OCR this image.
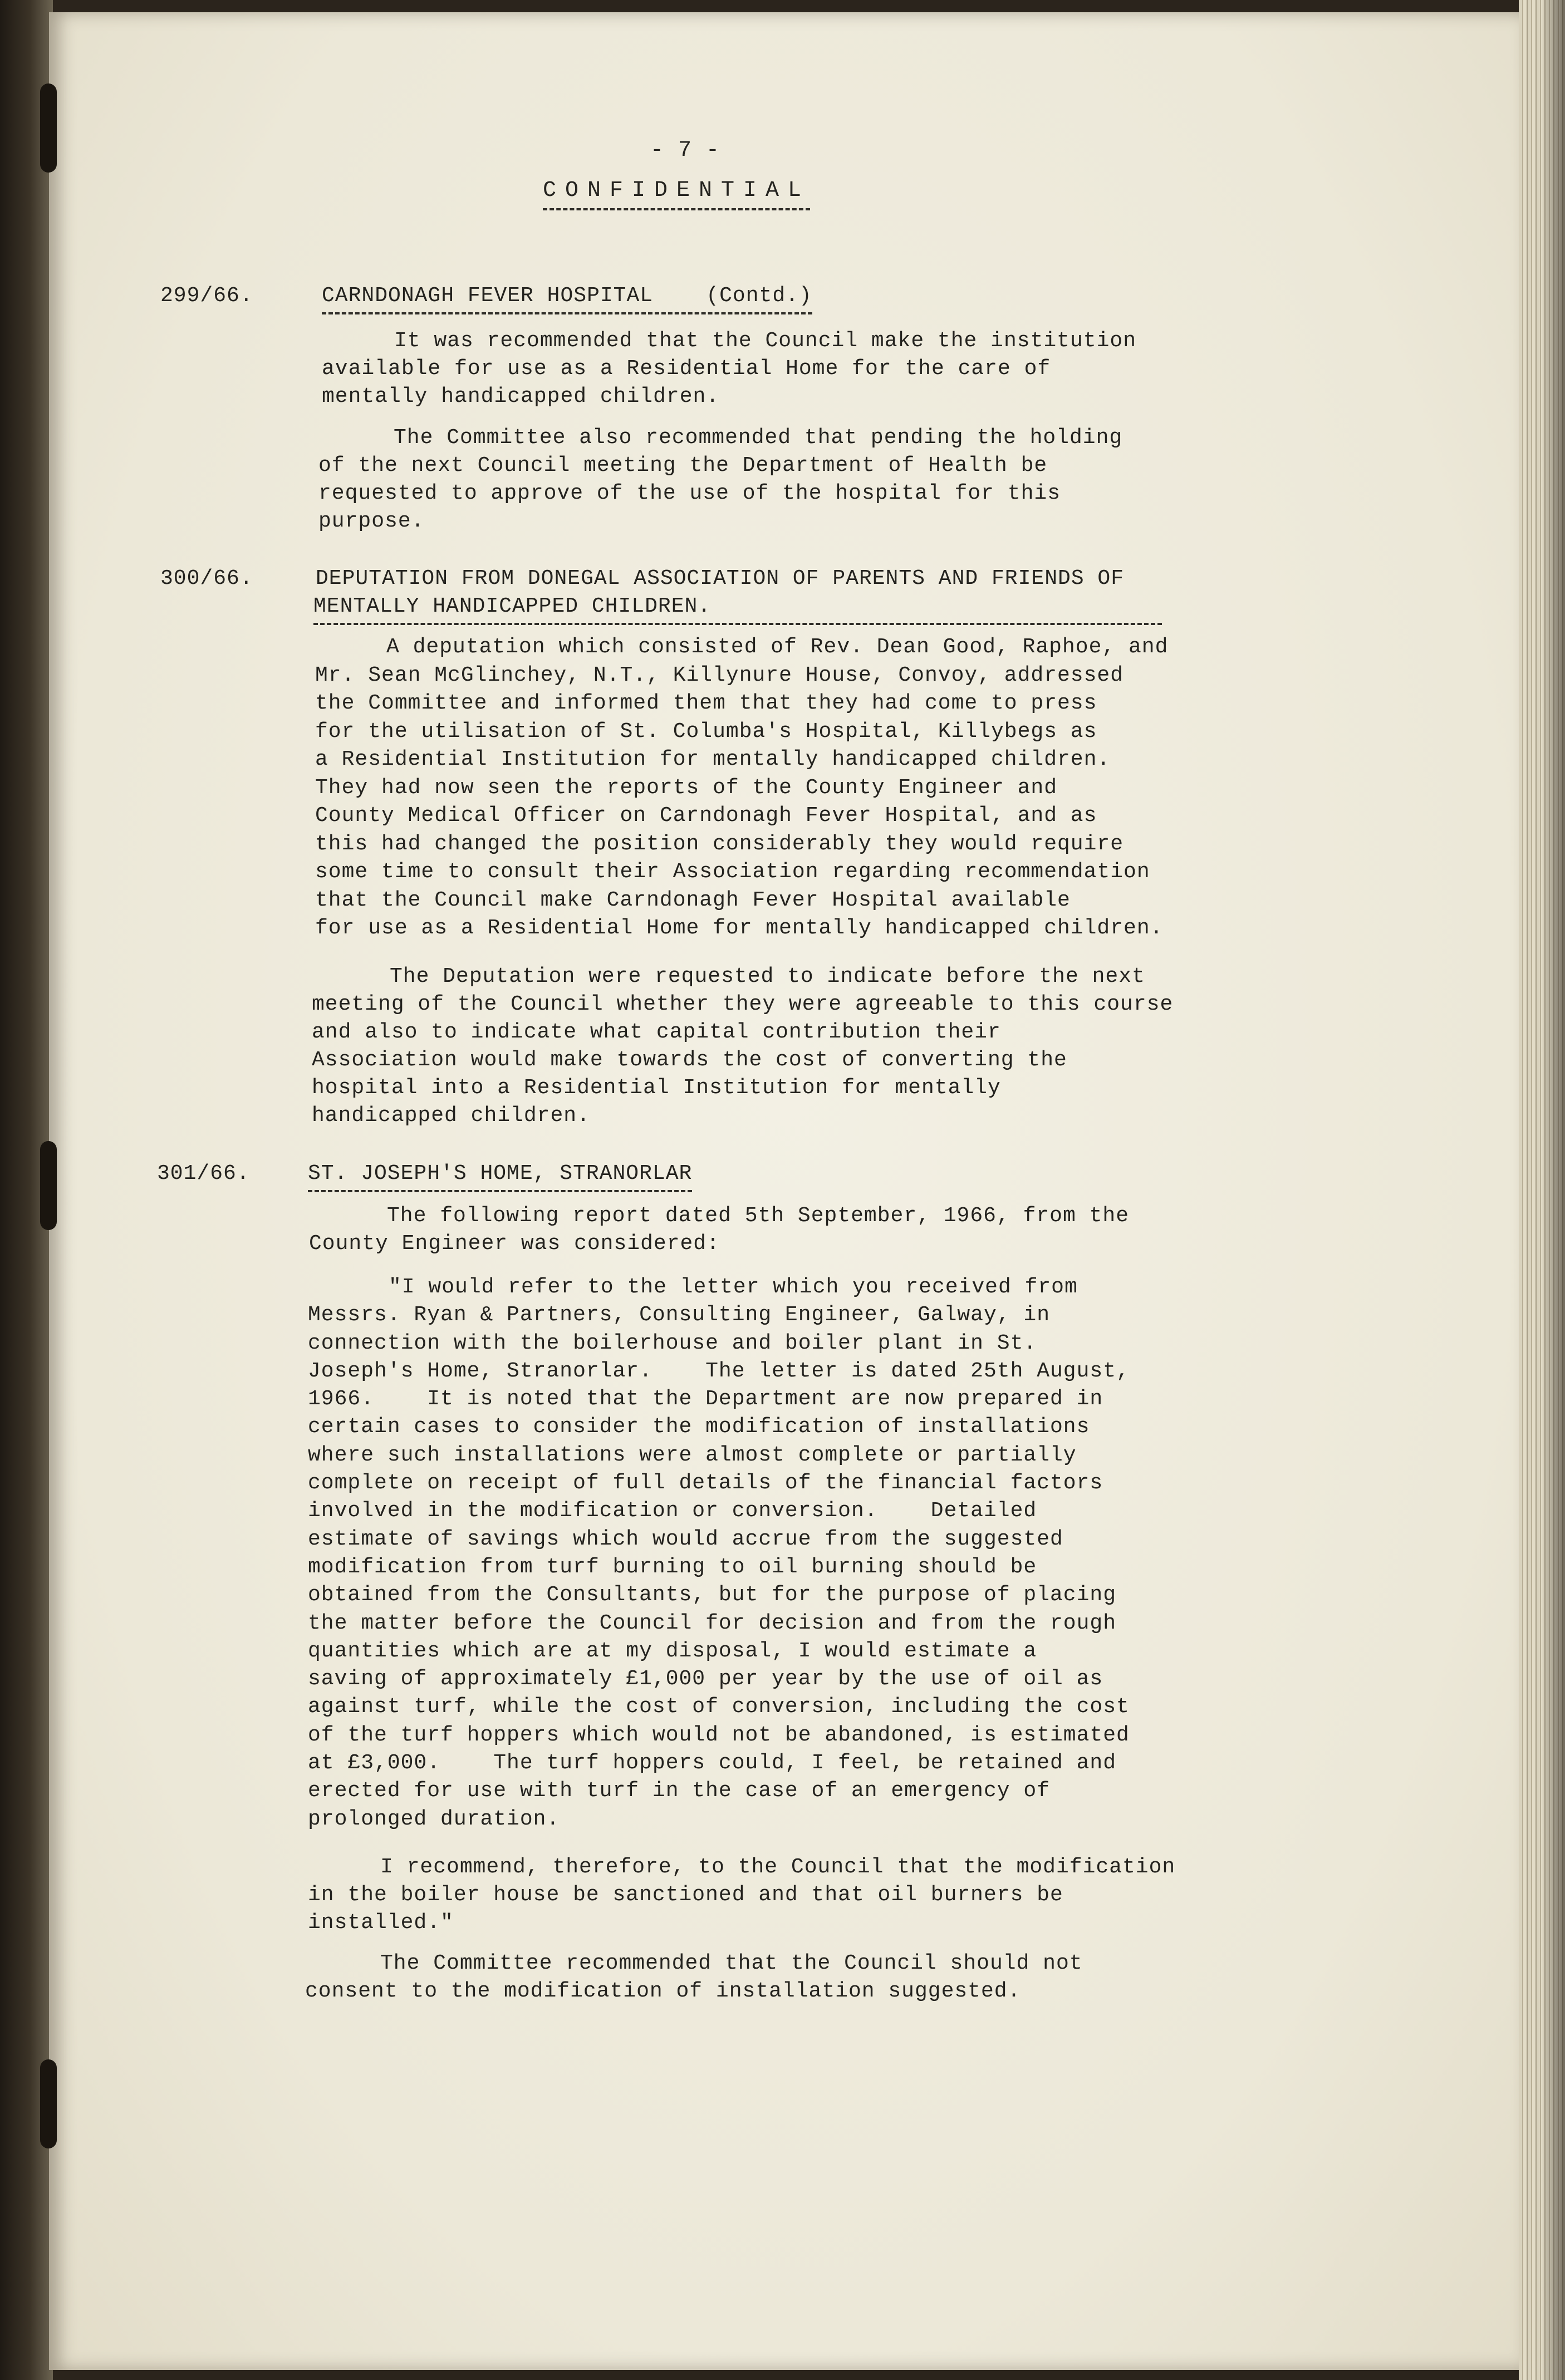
- 7 -
CONFIDENTIAL
299/66.	CARNDONAGH FEVER HOSPITAL    (Contd.)
It was recommended that the Council make the institution
available for use as a Residential Home for the care of
mentally handicapped children.
The Committee also recommended that pending the holding
of the next Council meeting the Department of Health be
requested to approve of the use of the hospital for this
purpose.
300/66.	DEPUTATION FROM DONEGAL ASSOCIATION OF PARENTS AND FRIENDS OF
MENTALLY HANDICAPPED CHILDREN.
A deputation which consisted of Rev. Dean Good, Raphoe, and
Mr. Sean McGlinchey, N.T., Killynure House, Convoy, addressed
the Committee and informed them that they had come to press
for the utilisation of St. Columba's Hospital, Killybegs as
a Residential Institution for mentally handicapped children.
They had now seen the reports of the County Engineer and
County Medical Officer on Carndonagh Fever Hospital, and as
this had changed the position considerably they would require
some time to consult their Association regarding recommendation
that the Council make Carndonagh Fever Hospital available
for use as a Residential Home for mentally handicapped children.
The Deputation were requested to indicate before the next
meeting of the Council whether they were agreeable to this course
and also to indicate what capital contribution their
Association would make towards the cost of converting the
hospital into a Residential Institution for mentally
handicapped children.
301/66.	ST. JOSEPH'S HOME, STRANORLAR
The following report dated 5th September, 1966, from the
County Engineer was considered:
"I would refer to the letter which you received from
Messrs. Ryan & Partners, Consulting Engineer, Galway, in
connection with the boilerhouse and boiler plant in St.
Joseph's Home, Stranorlar.    The letter is dated 25th August,
1966.    It is noted that the Department are now prepared in
certain cases to consider the modification of installations
where such installations were almost complete or partially
complete on receipt of full details of the financial factors
involved in the modification or conversion.    Detailed
estimate of savings which would accrue from the suggested
modification from turf burning to oil burning should be
obtained from the Consultants, but for the purpose of placing
the matter before the Council for decision and from the rough
quantities which are at my disposal, I would estimate a
saving of approximately £1,000 per year by the use of oil as
against turf, while the cost of conversion, including the cost
of the turf hoppers which would not be abandoned, is estimated
at £3,000.    The turf hoppers could, I feel, be retained and
erected for use with turf in the case of an emergency of
prolonged duration.
I recommend, therefore, to the Council that the modification
in the boiler house be sanctioned and that oil burners be
installed."
The Committee recommended that the Council should not
consent to the modification of installation suggested.
